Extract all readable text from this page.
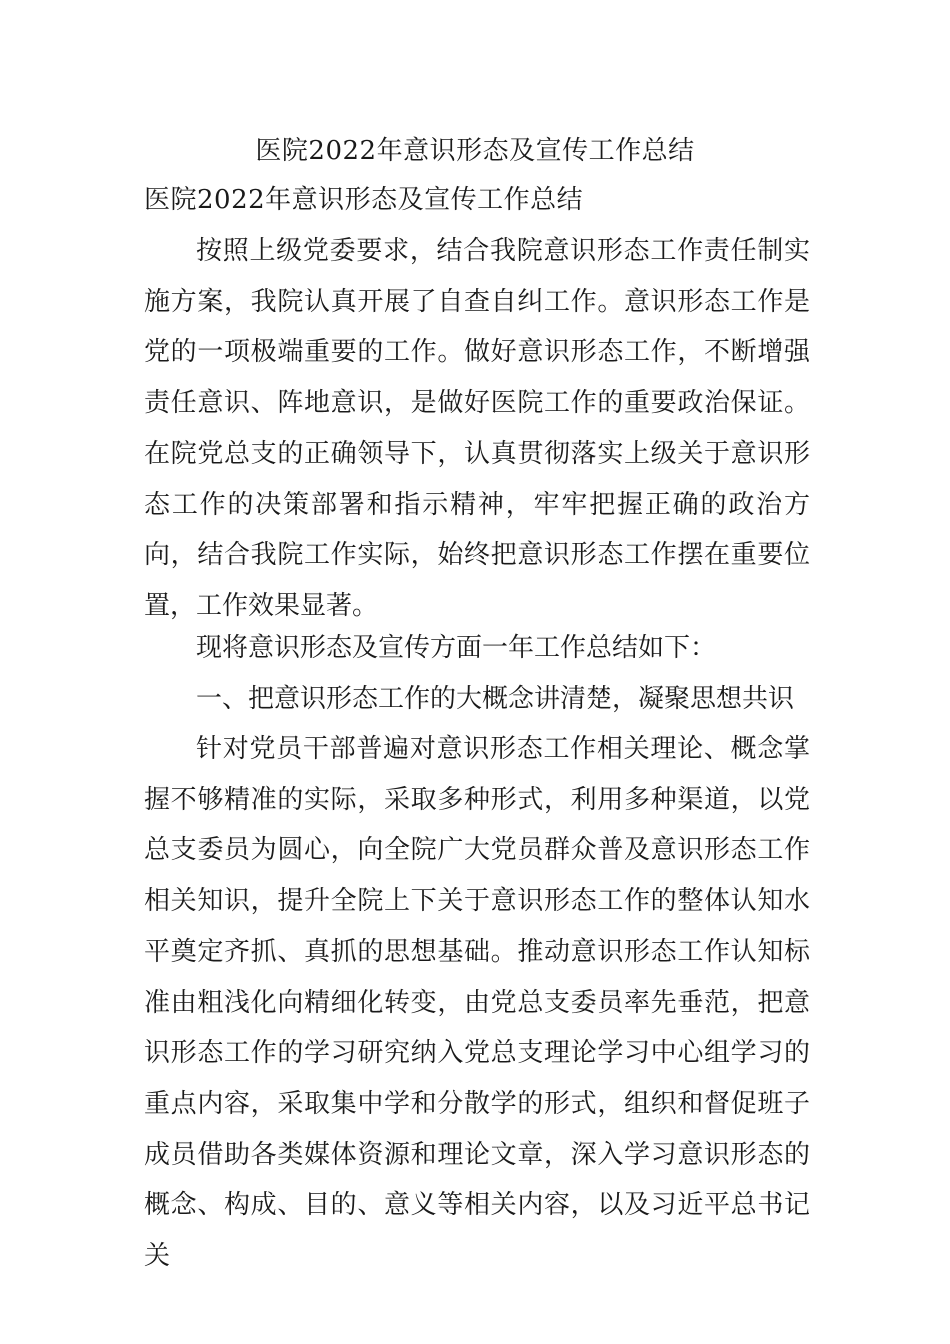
医院2022年意识形态及宣传工作总结
医院2022年意识形态及宣传工作总结

按照上级党委要求，结合我院意识形态工作责任制实施方案，我院认真开展了自查自纠工作。意识形态工作是党的一项极端重要的工作。做好意识形态工作，不断增强责任意识、阵地意识，是做好医院工作的重要政治保证。在院党总支的正确领导下，认真贯彻落实上级关于意识形态工作的决策部署和指示精神，牢牢把握正确的政治方向，结合我院工作实际，始终把意识形态工作摆在重要位置，工作效果显著。

现将意识形态及宣传方面一年工作总结如下：

一、把意识形态工作的大概念讲清楚，凝聚思想共识

针对党员干部普遍对意识形态工作相关理论、概念掌握不够精准的实际，采取多种形式，利用多种渠道，以党总支委员为圆心，向全院广大党员群众普及意识形态工作相关知识，提升全院上下关于意识形态工作的整体认知水平奠定齐抓、真抓的思想基础。推动意识形态工作认知标准由粗浅化向精细化转变，由党总支委员率先垂范，把意识形态工作的学习研究纳入党总支理论学习中心组学习的重点内容，采取集中学和分散学的形式，组织和督促班子成员借助各类媒体资源和理论文章，深入学习意识形态的概念、构成、目的、意义等相关内容，以及习近平总书记关
